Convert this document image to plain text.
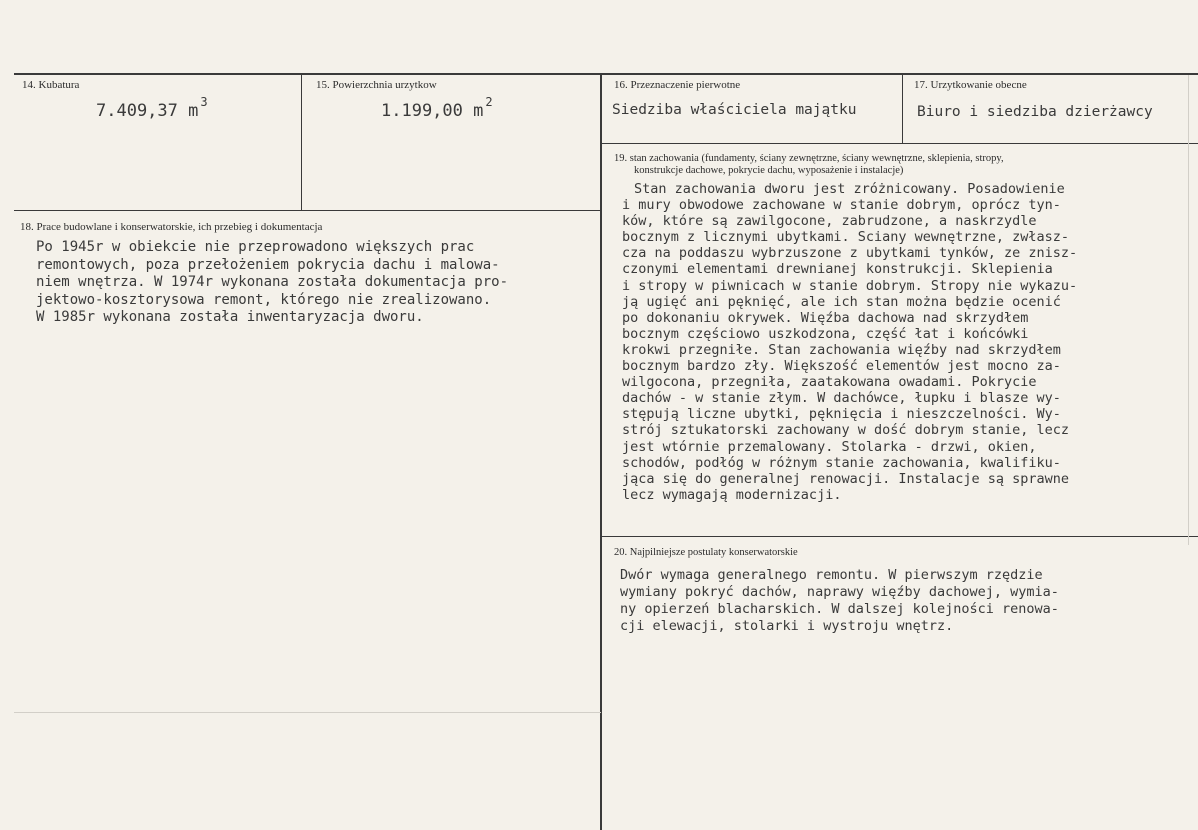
14. Kubatura
7.409,37 m $^3$
15. Powierzchnia urzytkow
1.199,00 m $^2$
16. Przeznaczenie pierwotne
Siedziba właściciela majątku
17. Urzytkowanie obecne
Biuro i siedziba dzierżawcy
18. Prace budowlane i konserwatorskie, ich przebieg i dokumentacja
Po 1945r w obiekcie nie przeprowadono większych prac
remontowych, poza przełożeniem pokrycia dachu i malowa-
niem wnętrza. W 1974r wykonana została dokumentacja pro-
jektowo-kosztorysowa remont, którego nie zrealizowano.
W 1985r wykonana została inwentaryzacja dworu.
19. stan zachowania (fundamenty, ściany zewnętrzne, ściany wewnętrzne, sklepienia, stropy,
konstrukcje dachowe, pokrycie dachu, wyposażenie i instalacje)
Stan zachowania dworu jest zróżnicowany. Posadowienie
i mury obwodowe zachowane w stanie dobrym, oprócz tyn-
ków, które są zawilgocone, zabrudzone, a naskrzydle
bocznym z licznymi ubytkami. Sciany wewnętrzne, zwłasz-
cza na poddaszu wybrzuszone z ubytkami tynków, ze znisz-
czonymi elementami drewnianej konstrukcji. Sklepienia
i stropy w piwnicach w stanie dobrym. Stropy nie wykazu-
ją ugięć ani pęknięć, ale ich stan można będzie ocenić
po dokonaniu okrywek. Więźba dachowa nad skrzydłem
bocznym częściowo uszkodzona, część łat i końcówki
krokwi przegniłe. Stan zachowania więźby nad skrzydłem
bocznym bardzo zły. Większość elementów jest mocno za-
wilgocona, przegniła, zaatakowana owadami. Pokrycie
dachów - w stanie złym. W dachówce, łupku i blasze wy-
stępują liczne ubytki, pęknięcia i nieszczelności. Wy-
strój sztukatorski zachowany w dość dobrym stanie, lecz
jest wtórnie przemalowany. Stolarka - drzwi, okien,
schodów, podłóg w różnym stanie zachowania, kwalifiku-
jąca się do generalnej renowacji. Instalacje są sprawne
lecz wymagają modernizacji.
20. Najpilniejsze postulaty konserwatorskie
Dwór wymaga generalnego remontu. W pierwszym rzędzie
wymiany pokryć dachów, naprawy więźby dachowej, wymia-
ny opierzeń blacharskich. W dalszej kolejności renowa-
cji elewacji, stolarki i wystroju wnętrz.
